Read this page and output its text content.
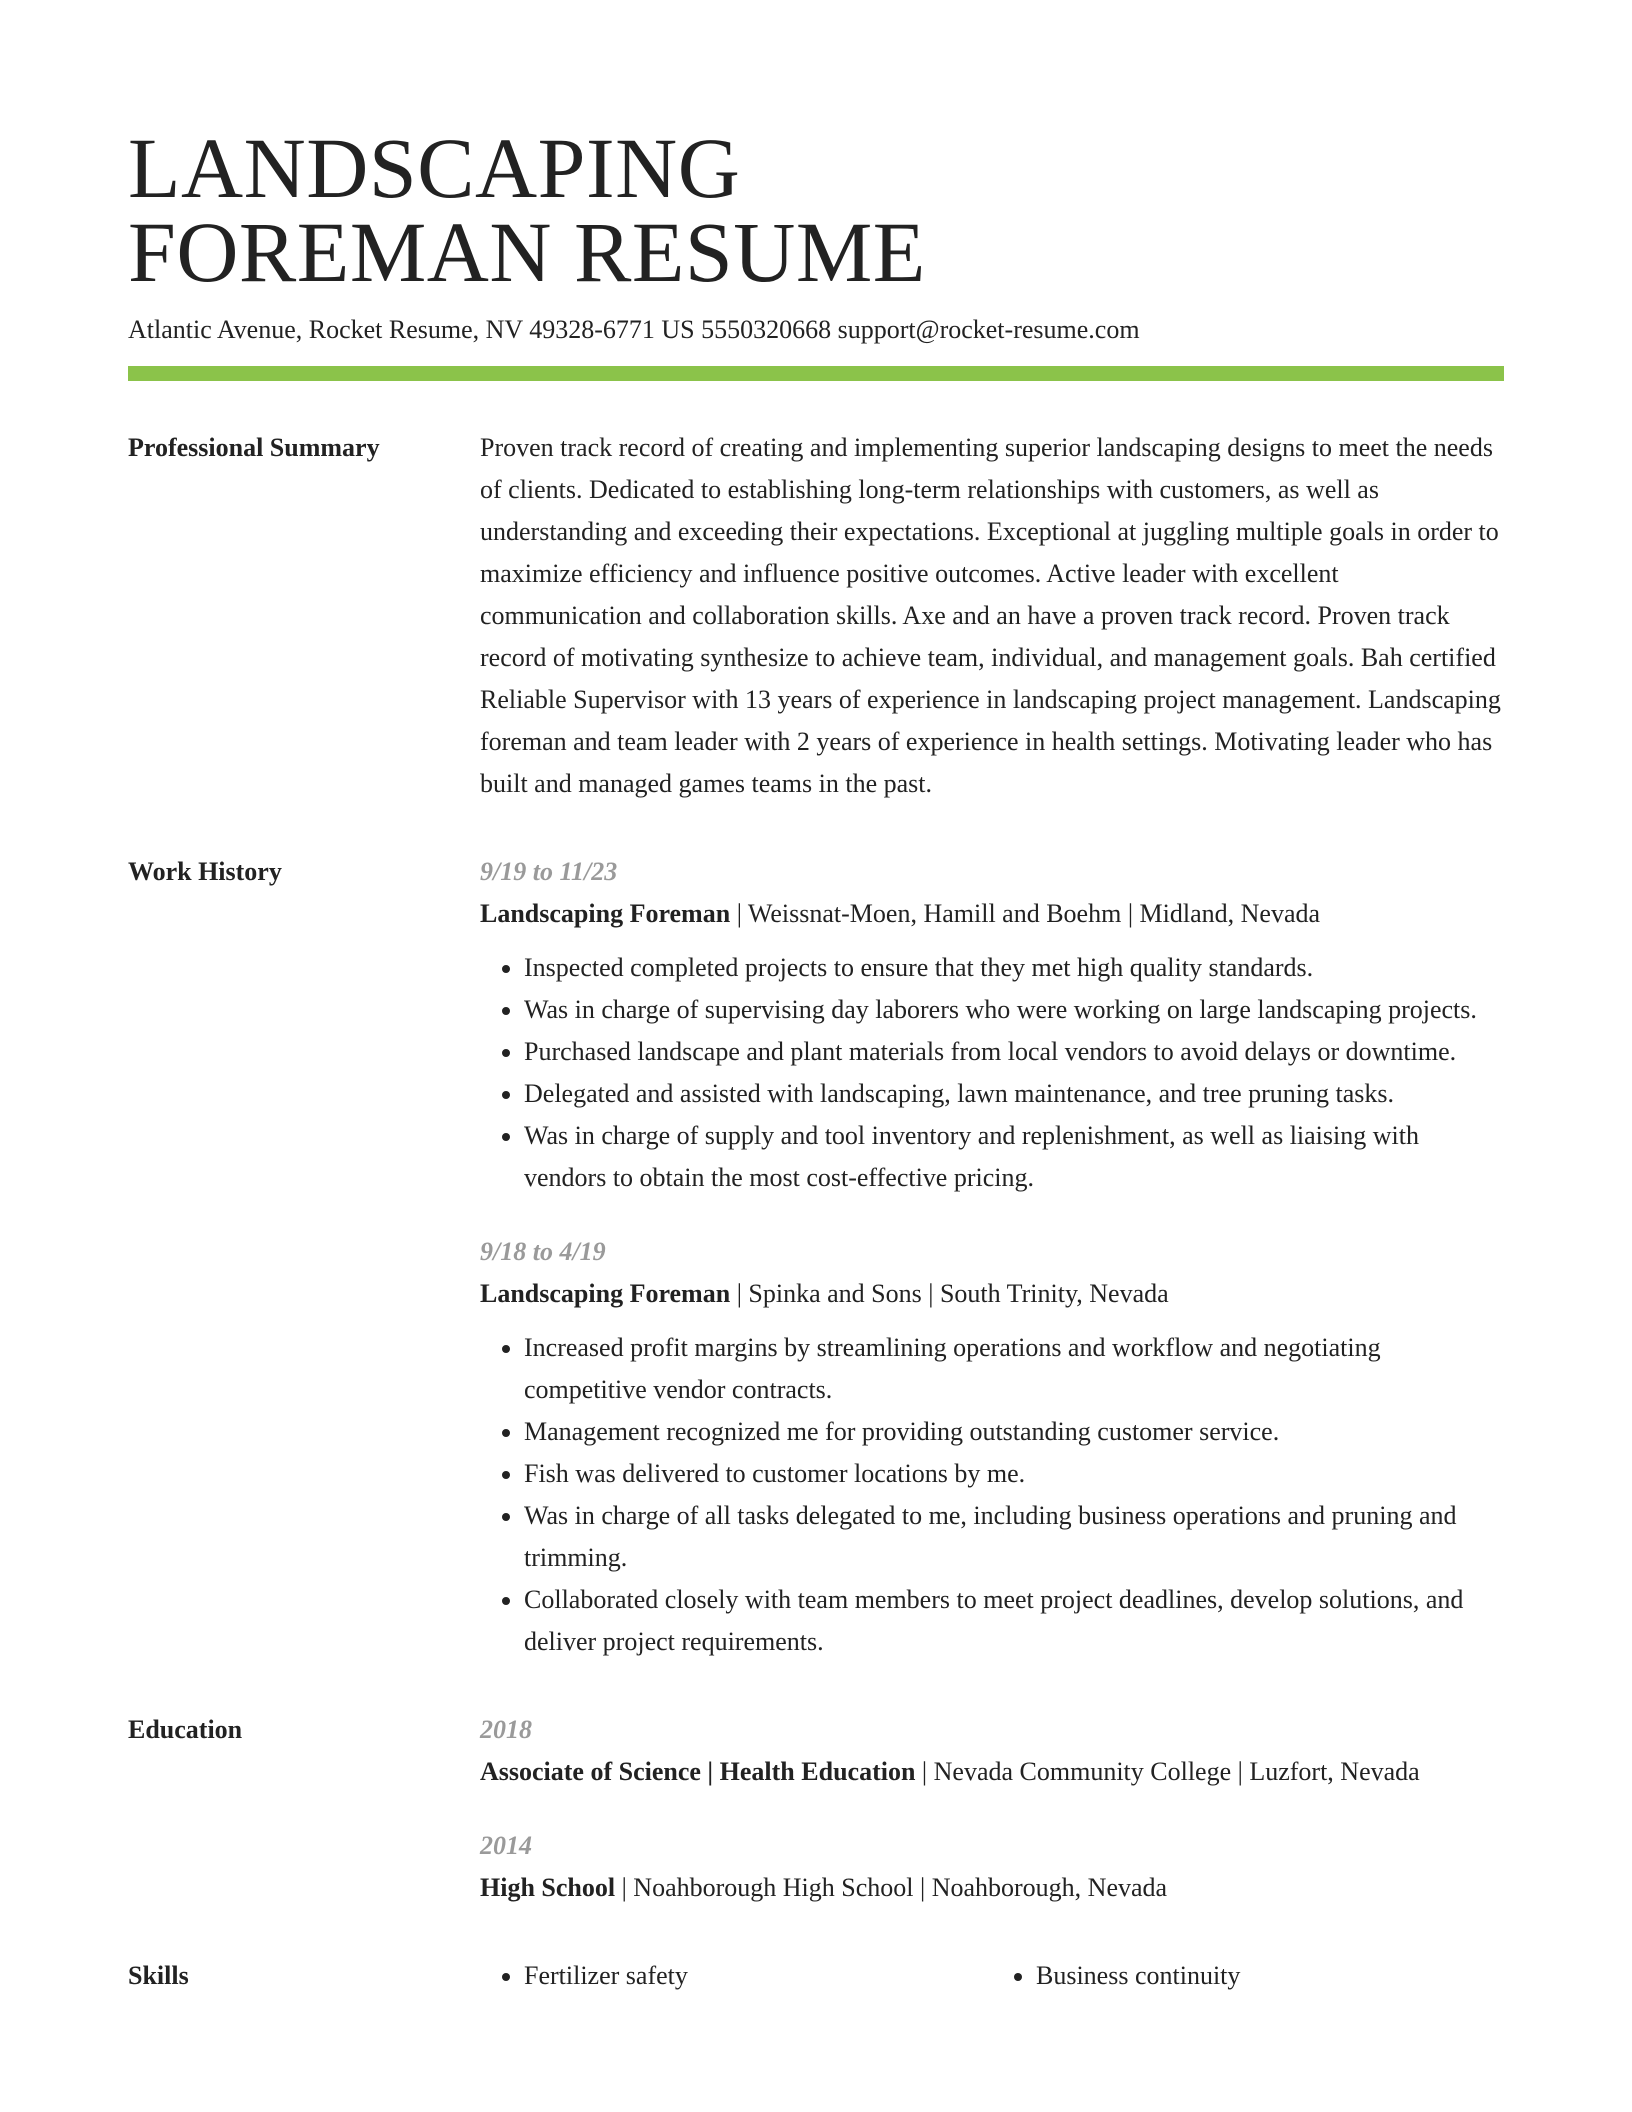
LANDSCAPING
FOREMAN RESUME
Atlantic Avenue, Rocket Resume, NV 49328-6771 US 5550320668 support@rocket-resume.com
Professional Summary	Proven track record of creating and implementing superior landscaping designs to meet the needs of clients. Dedicated to establishing long-term relationships with customers, as well as understanding and exceeding their expectations. Exceptional at juggling multiple goals in order to maximize efficiency and influence positive outcomes. Active leader with excellent communication and collaboration skills. Axe and an have a proven track record. Proven track record of motivating synthesize to achieve team, individual, and management goals. Bah certified Reliable Supervisor with 13 years of experience in landscaping project management. Landscaping foreman and team leader with 2 years of experience in health settings. Motivating leader who has built and managed games teams in the past.

Work History	9/19 to 11/23
Landscaping Foreman | Weissnat-Moen, Hamill and Boehm | Midland, Nevada
• Inspected completed projects to ensure that they met high quality standards.
• Was in charge of supervising day laborers who were working on large landscaping projects.
• Purchased landscape and plant materials from local vendors to avoid delays or downtime.
• Delegated and assisted with landscaping, lawn maintenance, and tree pruning tasks.
• Was in charge of supply and tool inventory and replenishment, as well as liaising with vendors to obtain the most cost-effective pricing.
9/18 to 4/19
Landscaping Foreman | Spinka and Sons | South Trinity, Nevada
• Increased profit margins by streamlining operations and workflow and negotiating competitive vendor contracts.
• Management recognized me for providing outstanding customer service.
• Fish was delivered to customer locations by me.
• Was in charge of all tasks delegated to me, including business operations and pruning and trimming.
• Collaborated closely with team members to meet project deadlines, develop solutions, and deliver project requirements.
Education	2018
Associate of Science | Health Education | Nevada Community College | Luzfort, Nevada
2014
High School | Noahborough High School | Noahborough, Nevada
Skills	• Fertilizer safety	• Business continuity
